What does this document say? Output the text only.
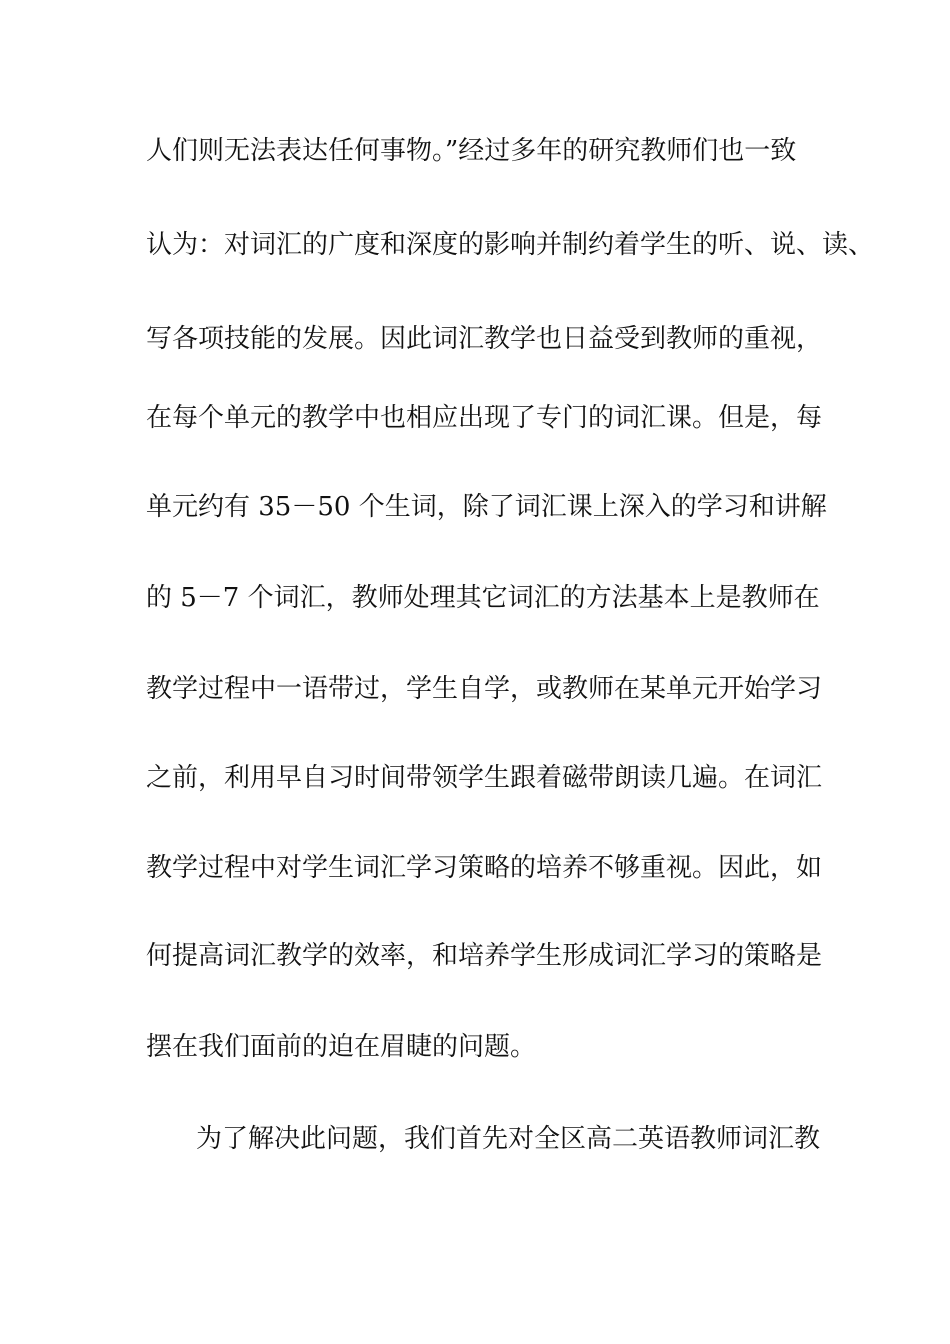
人们则无法表达任何事物。”经过多年的研究教师们也一致
认为：对词汇的广度和深度的影响并制约着学生的听、说、读、
写各项技能的发展。因此词汇教学也日益受到教师的重视，
在每个单元的教学中也相应出现了专门的词汇课。但是，每
单元约有 35－50 个生词，除了词汇课上深入的学习和讲解
的 5－7 个词汇，教师处理其它词汇的方法基本上是教师在
教学过程中一语带过，学生自学，或教师在某单元开始学习
之前，利用早自习时间带领学生跟着磁带朗读几遍。在词汇
教学过程中对学生词汇学习策略的培养不够重视。因此，如
何提高词汇教学的效率，和培养学生形成词汇学习的策略是
摆在我们面前的迫在眉睫的问题。
为了解决此问题，我们首先对全区高二英语教师词汇教
